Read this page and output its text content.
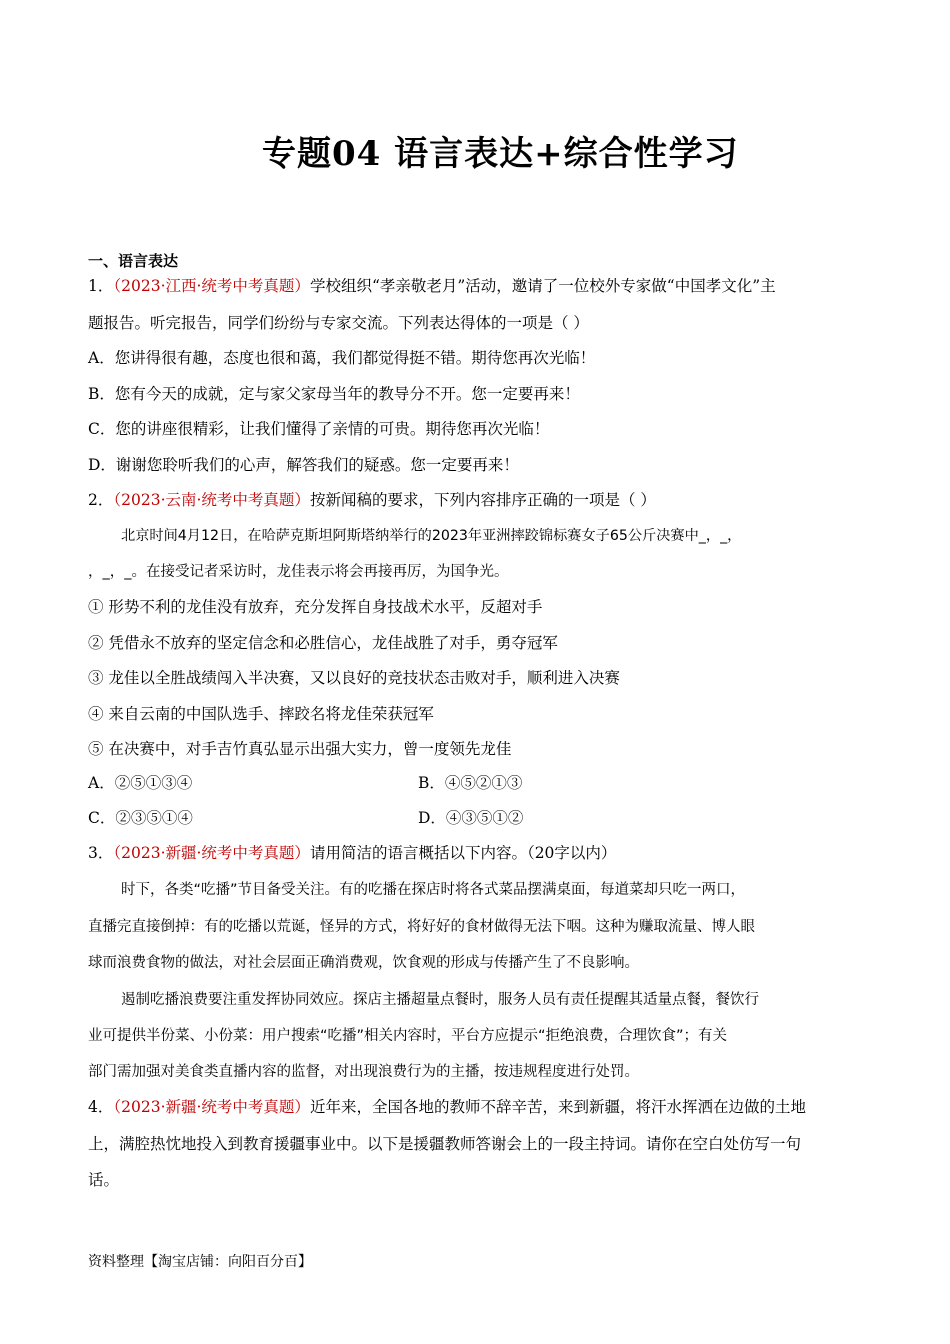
专题04 语言表达+综合性学习
一、语言表达
1．（2023·江西·统考中考真题）学校组织“孝亲敬老月”活动，邀请了一位校外专家做“中国孝文化”主
题报告。听完报告，同学们纷纷与专家交流。下列表达得体的一项是（ ）
A．您讲得很有趣，态度也很和蔼，我们都觉得挺不错。期待您再次光临！
B．您有今天的成就，定与家父家母当年的教导分不开。您一定要再来！
C．您的讲座很精彩，让我们懂得了亲情的可贵。期待您再次光临！
D．谢谢您聆听我们的心声，解答我们的疑惑。您一定要再来！
2．（2023·云南·统考中考真题）按新闻稿的要求，下列内容排序正确的一项是（ ）
北京时间4月12日，在哈萨克斯坦阿斯塔纳举行的2023年亚洲摔跤锦标赛女子65公斤决赛中_，_，
，_，_。在接受记者采访时，龙佳表示将会再接再厉，为国争光。
① 形势不利的龙佳没有放弃，充分发挥自身技战术水平，反超对手
② 凭借永不放弃的坚定信念和必胜信心，龙佳战胜了对手，勇夺冠军
③ 龙佳以全胜战绩闯入半决赛，又以良好的竞技状态击败对手，顺利进入决赛
④ 来自云南的中国队选手、摔跤名将龙佳荣获冠军
⑤ 在决赛中，对手吉竹真弘显示出强大实力，曾一度领先龙佳
A．②⑤①③④	B．④⑤②①③
C．②③⑤①④	D．④③⑤①②
3．（2023·新疆·统考中考真题）请用简洁的语言概括以下内容。（20字以内）
时下，各类“吃播”节目备受关注。有的吃播在探店时将各式菜品摆满桌面，每道菜却只吃一两口，
直播完直接倒掉：有的吃播以荒诞，怪异的方式，将好好的食材做得无法下咽。这种为赚取流量、博人眼
球而浪费食物的做法，对社会层面正确消费观，饮食观的形成与传播产生了不良影响。
遏制吃播浪费要注重发挥协同效应。探店主播超量点餐时，服务人员有责任提醒其适量点餐，餐饮行
业可提供半份菜、小份菜：用户搜索“吃播”相关内容时，平台方应提示“拒绝浪费，合理饮食”；有关
部门需加强对美食类直播内容的监督，对出现浪费行为的主播，按违规程度进行处罚。
4．（2023·新疆·统考中考真题）近年来，全国各地的教师不辞辛苦，来到新疆，将汗水挥洒在边做的土地
上，满腔热忱地投入到教育援疆事业中。以下是援疆教师答谢会上的一段主持词。请你在空白处仿写一句
话。
资料整理【淘宝店铺：向阳百分百】
